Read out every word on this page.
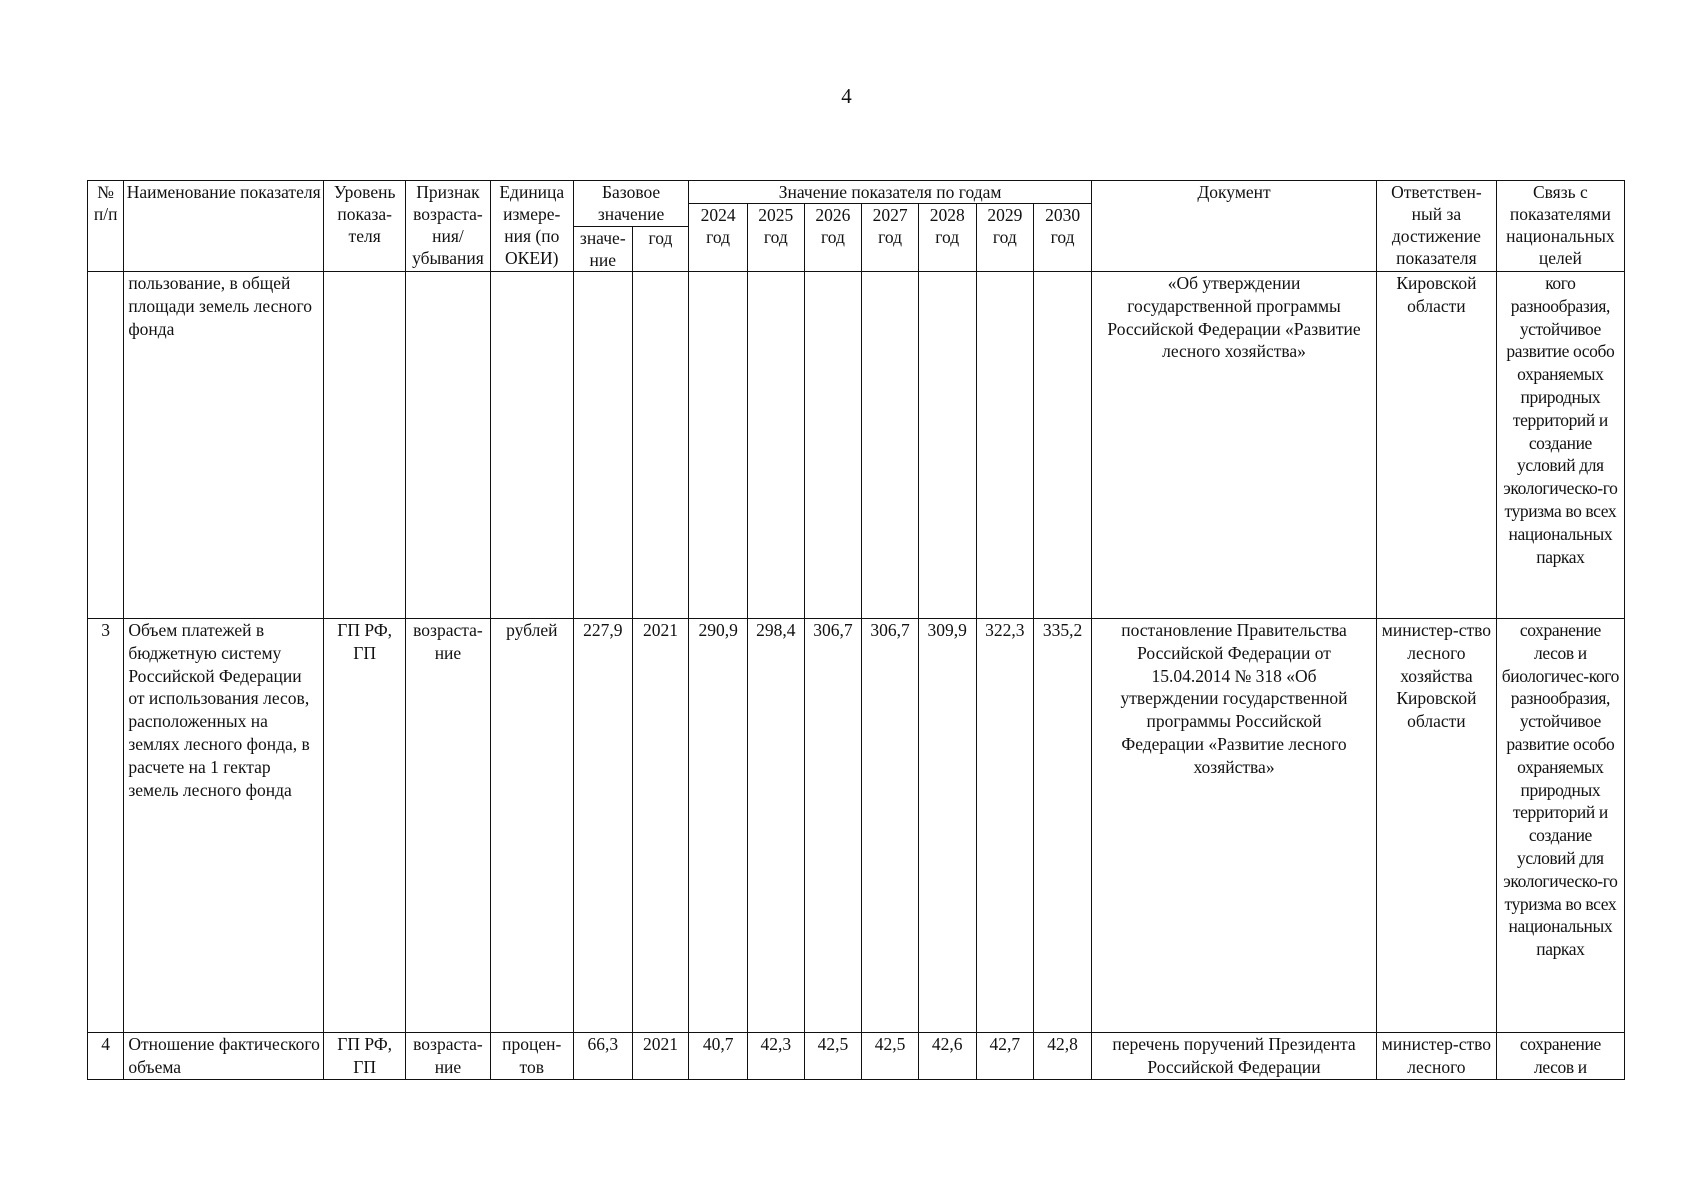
4
№ п/п	Наименование показателя	Уровень показа-теля	Признак возраста-ния/ убывания	Единица измере-ния (по ОКЕИ)	Базовое значение		Значение показателя по годам							Документ	Ответствен-ный за достижение показателя	Связь с показателями национальных целей
							2024 год	2025 год	2026 год	2027 год	2028 год	2029 год	2030 год			
					значе-ние	год										
	пользование, в общей площади земель лесного фонда													«Об утверждении государственной программы Российской Федерации «Развитие лесного хозяйства»	Кировской области	кого разнообразия, устойчивое развитие особо охраняемых природных территорий и создание условий для экологическо-го туризма во всех национальных парках
3	Объем платежей в бюджетную систему Российской Федерации от использования лесов, расположенных на землях лесного фонда, в расчете на 1 гектар земель лесного фонда	ГП РФ, ГП	возраста-ние	рублей	227,9	2021	290,9	298,4	306,7	306,7	309,9	322,3	335,2	постановление Правительства Российской Федерации от 15.04.2014 № 318 «Об утверждении государственной программы Российской Федерации «Развитие лесного хозяйства»	министер-ство лесного хозяйства Кировской области	сохранение лесов и биологичес-кого разнообразия, устойчивое развитие особо охраняемых природных территорий и создание условий для экологическо-го туризма во всех национальных парках
4	Отношение фактического объема	ГП РФ, ГП	возраста-ние	процен-тов	66,3	2021	40,7	42,3	42,5	42,5	42,6	42,7	42,8	перечень поручений Президента Российской Федерации	министер-ство лесного	сохранение лесов и
